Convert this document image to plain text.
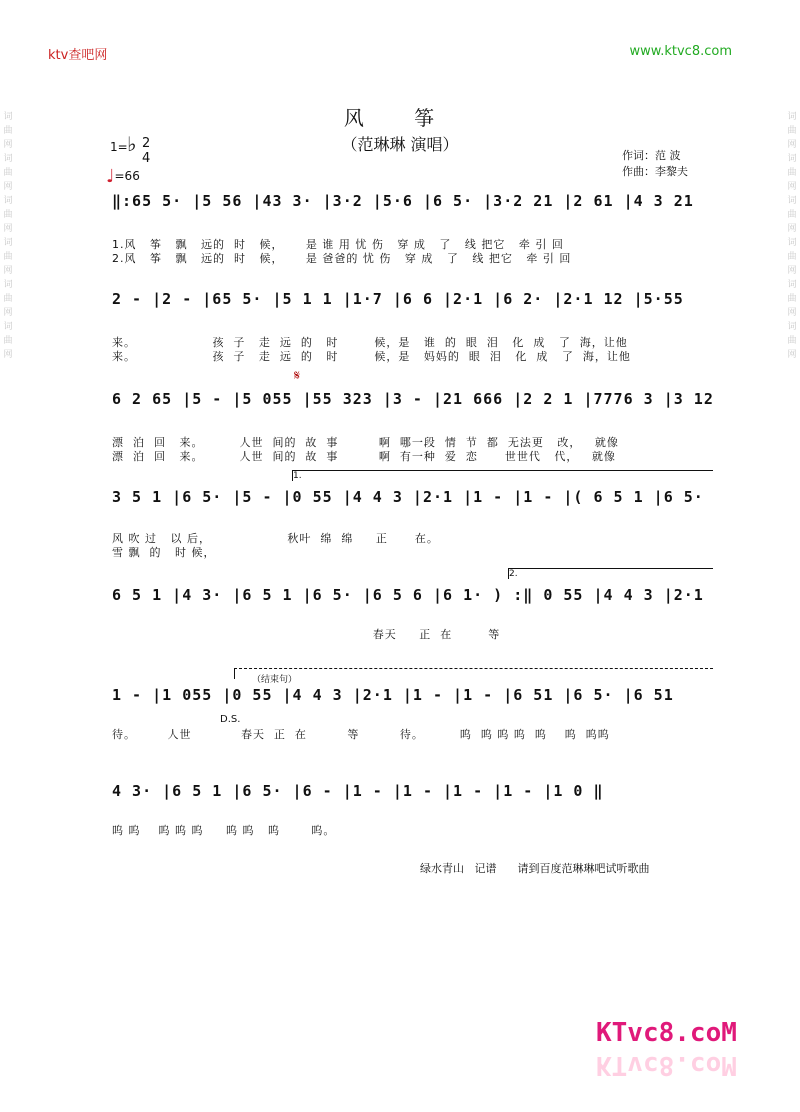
词曲网词曲网词曲网词曲网词曲网词曲网
词曲网词曲网词曲网词曲网词曲网词曲网
ktv查吧网	www.ktvc8.com
风 筝
（范琳琳 演唱）
作词：范 波
作曲：李黎夫
1= ♭ 2
4
♩=66
‖:65 5· |5 56 |43 3· |3·2 |5·6 |6 5· |3·2 21 |2 61 |4 3 21
1.风   筝   飘   远的  时   候，     是 谁 用 忧 伤   穿 成   了   线 把它   牵 引 回
2.风   筝   飘   远的  时   候，     是 爸爸的 忧 伤   穿 成   了   线 把它   牵 引 回
2 - |2 - |65 5· |5 1 1 |1·7 |6 6 |2·1 |6 2· |2·1 12 |5·55
来。                 孩  子   走  远  的   时        候，是   谁  的  眼  泪   化  成   了  海，让他
来。                 孩  子   走  远  的   时        候，是   妈妈的  眼  泪   化  成   了  海，让他
𝄋
6 2 65 |5 - |5 055 |55 323 |3 - |21 666 |2 2 1 |7776 3 |3 12
漂  泊  回   来。        人世  间的  故  事         啊  哪一段  情  节  都  无法更   改，   就像
漂  泊  回   来。        人世  间的  故  事         啊  有一种  爱  恋      世世代   代，   就像
1.
3 5 1 |6 5· |5 - |0 55 |4 4 3 |2·1 |1 - |1 - |( 6 5 1 |6 5·
风 吹 过   以 后，                 秋叶  绵  绵     正      在。
雪 飘  的   时 候，
2.
6 5 1 |4 3· |6 5 1 |6 5· |6 5 6 |6 1· ) :‖ 0 55 |4 4 3 |2·1
春天     正  在        等
（结束句）
D.S.
1 - |1 055 |0 55 |4 4 3 |2·1 |1 - |1 - |6 51 |6 5· |6 51
待。       人世           春天  正  在         等         待。        呜  呜 呜 呜  呜    呜  呜呜
4 3· |6 5 1 |6 5· |6 - |1 - |1 - |1 - |1 - |1 0 ‖
呜 呜    呜 呜 呜     呜 呜   呜       呜。
绿水青山   记谱      请到百度范琳琳吧试听歌曲
KTvc8.coM
KTvc8.coM
